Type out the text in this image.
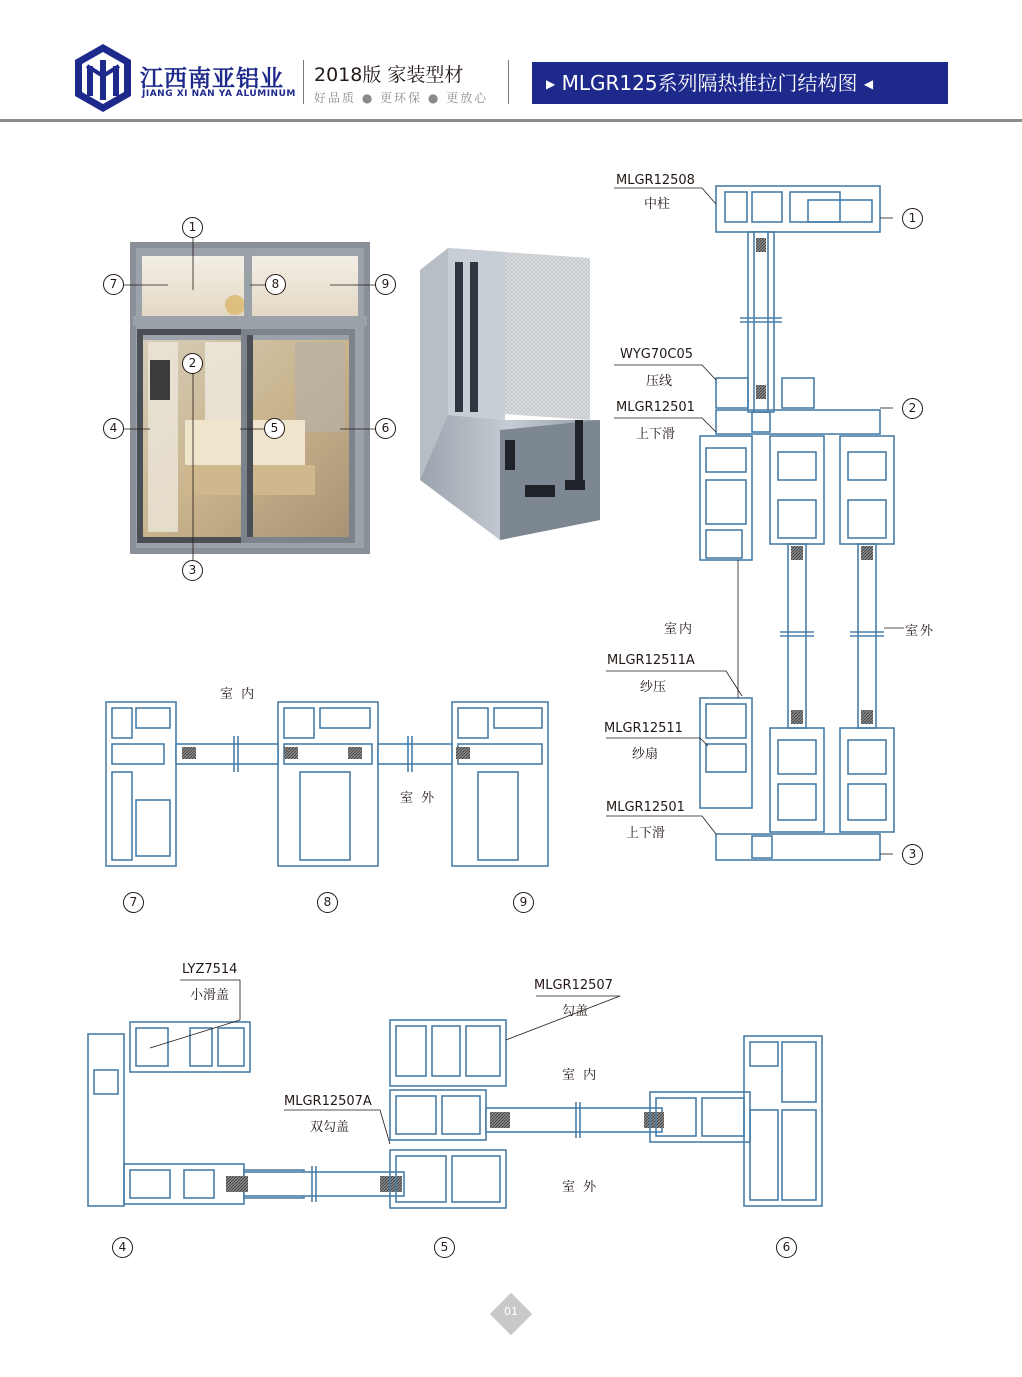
江西南亚铝业
JIANG XI NAN YA ALUMINUM
2018版 家装型材
好品质 ● 更环保 ● 更放心
▶ MLGR125系列隔热推拉门结构图 ◀
1
2
3
4	5	6
7	8	9
MLGR12508
中柱
WYG70C05
压线
MLGR12501
上下滑
MLGR12511A
纱压
MLGR12511
纱扇
MLGR12501
上下滑
室内	室外
1
2
3
室 内
室 外
7	8	9
LYZ7514
小滑盖
MLGR12507
勾盖
MLGR12507A
双勾盖
室 内
室 外
4	5	6
01
